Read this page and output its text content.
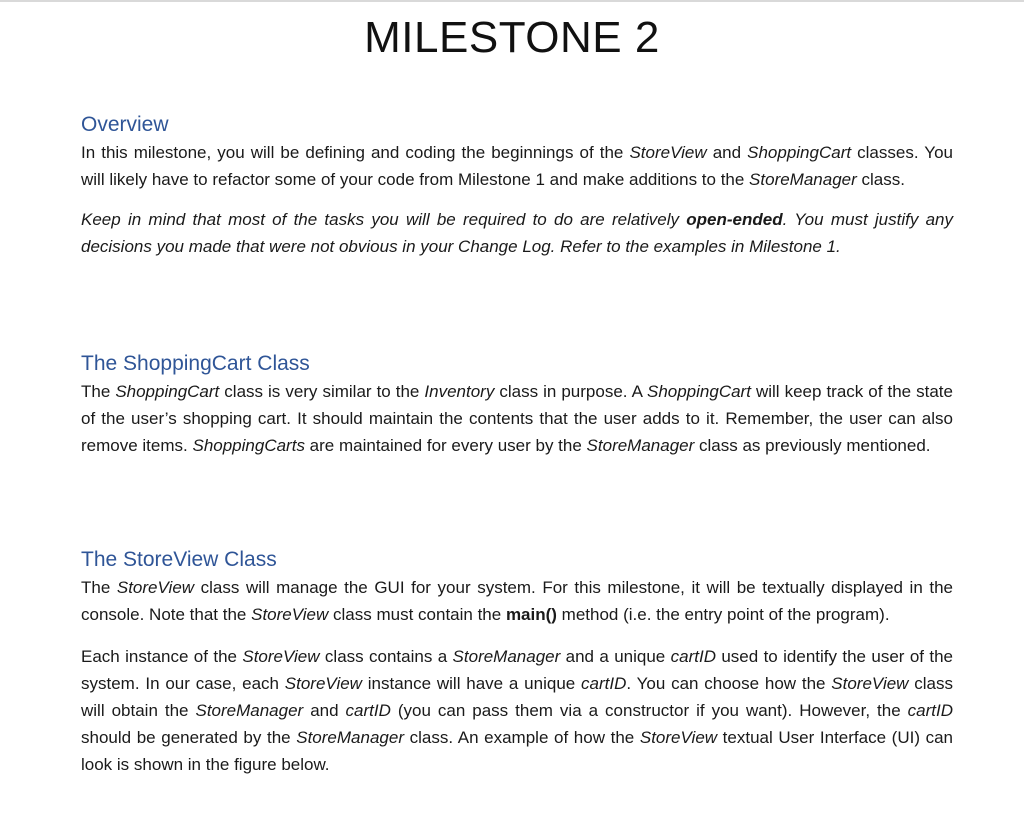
MILESTONE 2
Overview

In this milestone, you will be defining and coding the beginnings of the StoreView and ShoppingCart classes. You will likely have to refactor some of your code from Milestone 1 and make additions to the StoreManager class.

Keep in mind that most of the tasks you will be required to do are relatively open-ended. You must justify any decisions you made that were not obvious in your Change Log. Refer to the examples in Milestone 1.

The ShoppingCart Class

The ShoppingCart class is very similar to the Inventory class in purpose. A ShoppingCart will keep track of the state of the user’s shopping cart. It should maintain the contents that the user adds to it. Remember, the user can also remove items. ShoppingCarts are maintained for every user by the StoreManager class as previously mentioned.

The StoreView Class

The StoreView class will manage the GUI for your system. For this milestone, it will be textually displayed in the console. Note that the StoreView class must contain the main() method (i.e. the entry point of the program).

Each instance of the StoreView class contains a StoreManager and a unique cartID used to identify the user of the system. In our case, each StoreView instance will have a unique cartID. You can choose how the StoreView class will obtain the StoreManager and cartID (you can pass them via a constructor if you want). However, the cartID should be generated by the StoreManager class. An example of how the StoreView textual User Interface (UI) can look is shown in the figure below.
